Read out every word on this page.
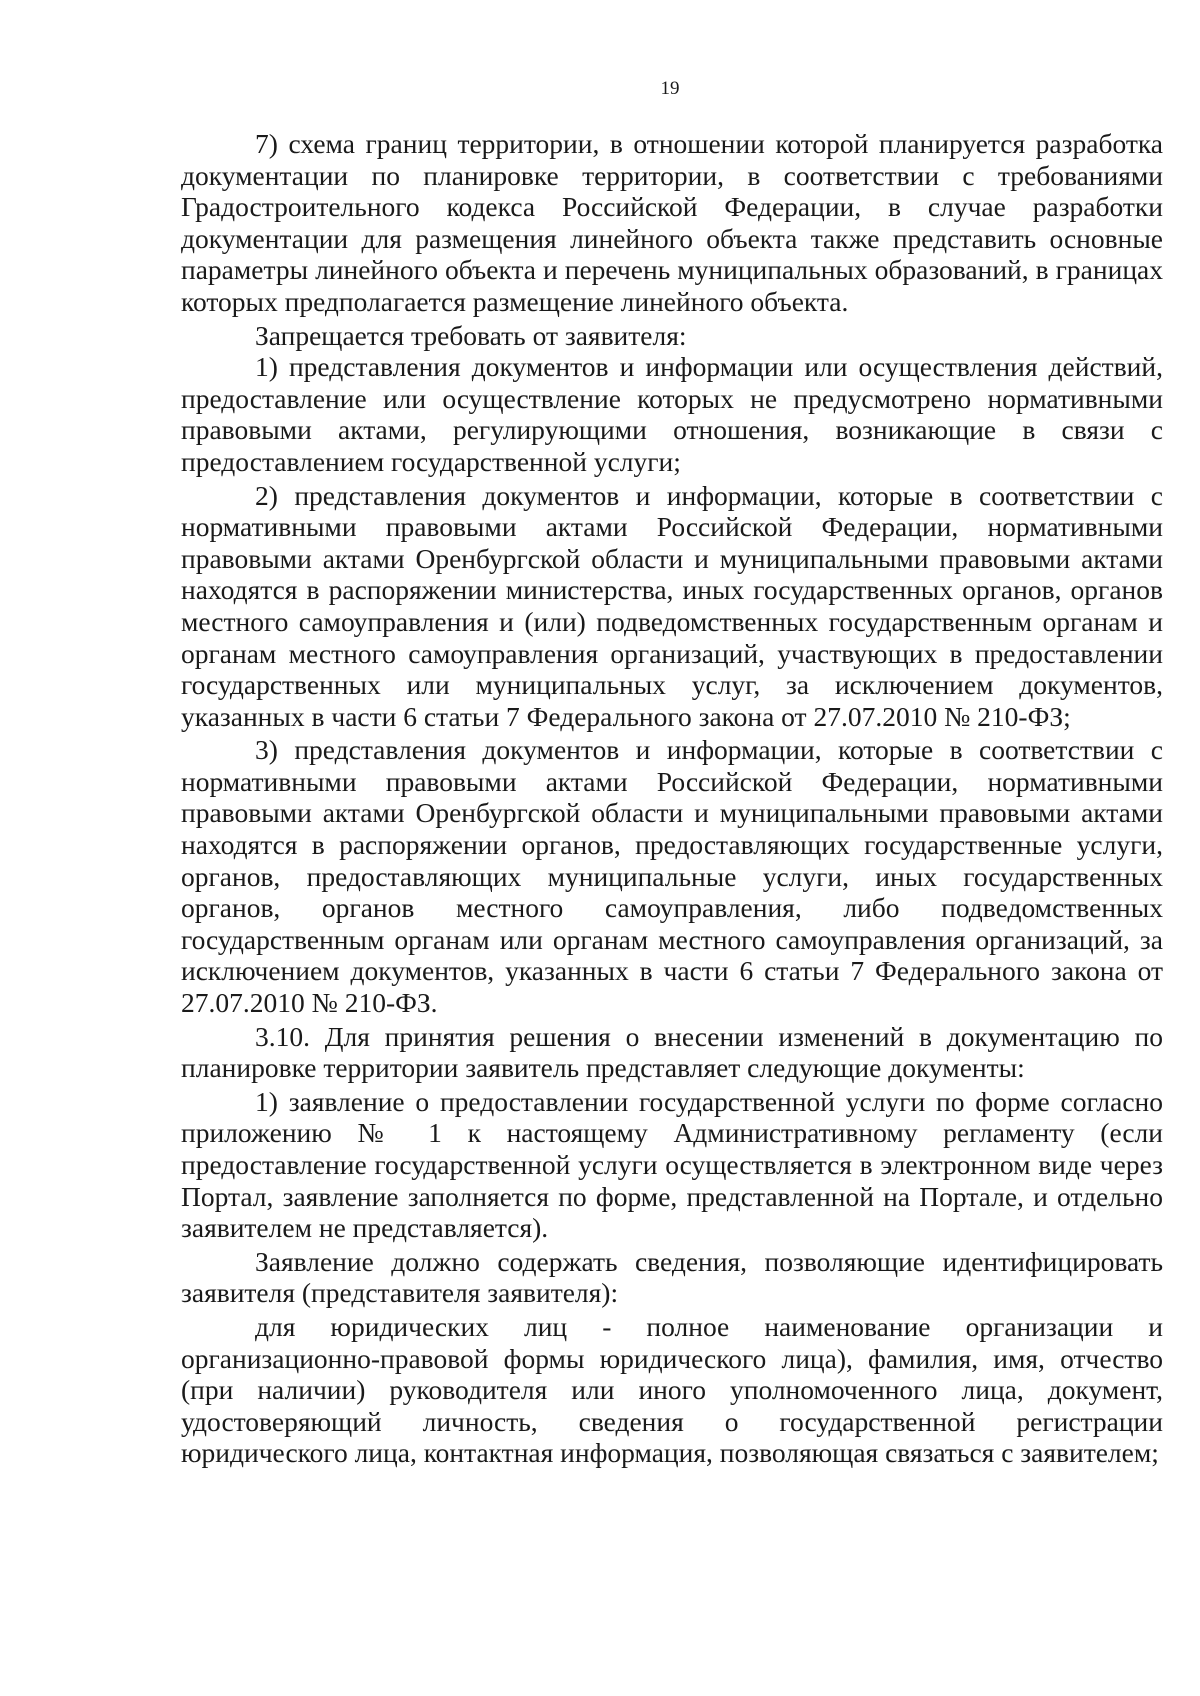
19

7) схема границ территории, в отношении которой планируется разработка документации по планировке территории, в соответствии с требованиями Градостроительного кодекса Российской Федерации, в случае разработки документации для размещения линейного объекта также представить основные параметры линейного объекта и перечень муниципальных образований, в границах которых предполагается размещение линейного объекта.

Запрещается требовать от заявителя:

1) представления документов и информации или осуществления действий, предоставление или осуществление которых не предусмотрено нормативными правовыми актами, регулирующими отношения, возникающие в связи с предоставлением государственной услуги;

2) представления документов и информации, которые в соответствии с нормативными правовыми актами Российской Федерации, нормативными правовыми актами Оренбургской области и муниципальными правовыми актами находятся в распоряжении министерства, иных государственных органов, органов местного самоуправления и (или) подведомственных государственным органам и органам местного самоуправления организаций, участвующих в предоставлении государственных или муниципальных услуг, за исключением документов, указанных в части 6 статьи 7 Федерального закона от 27.07.2010 № 210-ФЗ;

3) представления документов и информации, которые в соответствии с нормативными правовыми актами Российской Федерации, нормативными правовыми актами Оренбургской области и муниципальными правовыми актами находятся в распоряжении органов, предоставляющих государственные услуги, органов, предоставляющих муниципальные услуги, иных государственных органов, органов местного самоуправления, либо подведомственных государственным органам или органам местного самоуправления организаций, за исключением документов, указанных в части 6 статьи 7 Федерального закона от 27.07.2010 № 210-ФЗ.

3.10. Для принятия решения о внесении изменений в документацию по планировке территории заявитель представляет следующие документы:

1) заявление о предоставлении государственной услуги по форме согласно приложению № 1 к настоящему Административному регламенту (если предоставление государственной услуги осуществляется в электронном виде через Портал, заявление заполняется по форме, представленной на Портале, и отдельно заявителем не представляется).

Заявление должно содержать сведения, позволяющие идентифицировать заявителя (представителя заявителя):

для юридических лиц - полное наименование организации и организационно-правовой формы юридического лица), фамилия, имя, отчество (при наличии) руководителя или иного уполномоченного лица, документ, удостоверяющий личность, сведения о государственной регистрации юридического лица, контактная информация, позволяющая связаться с заявителем;
